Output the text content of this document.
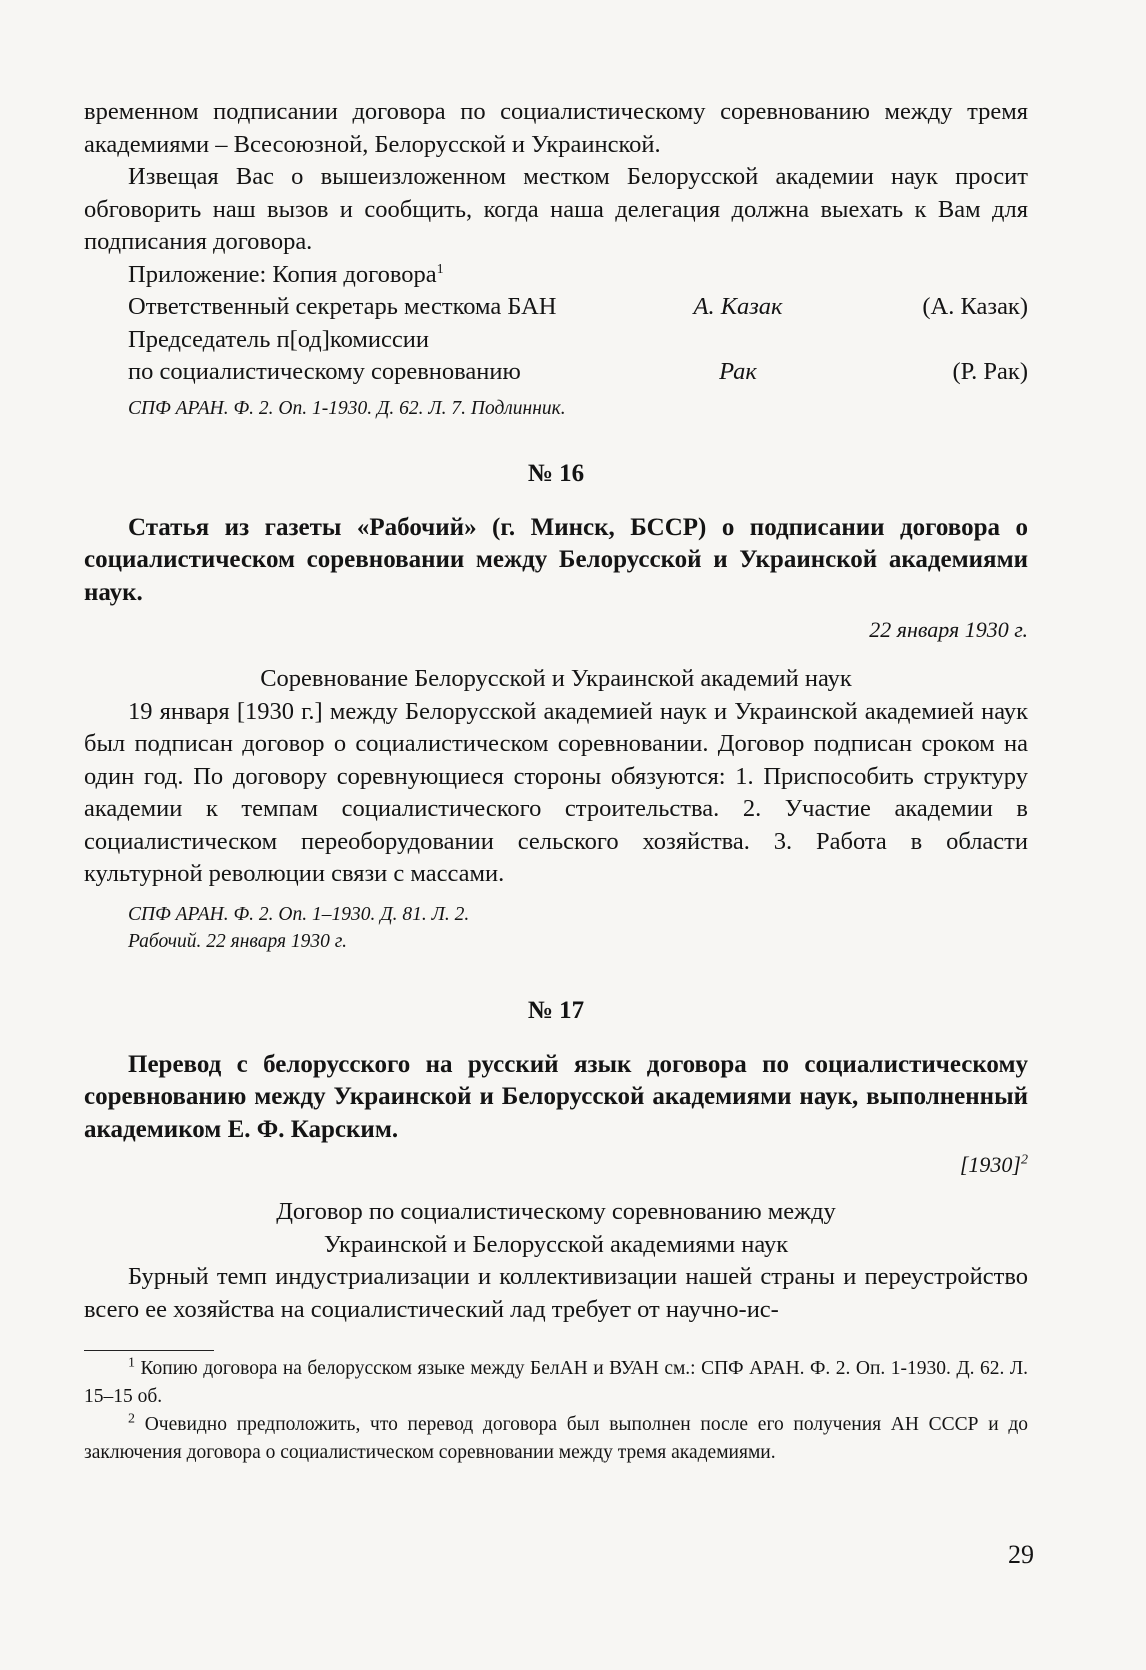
временном подписании договора по социалистическому соревнованию между тремя академиями – Всесоюзной, Белорусской и Украинской.

Извещая Вас о вышеизложенном местком Белорусской академии наук просит обговорить наш вызов и сообщить, когда наша делегация должна выехать к Вам для подписания договора.

Приложение: Копия договора$^1$

Ответственный секретарь месткома БАН	А. Казак	(А. Казак)

Председатель п[од]комиссии

по социалистическому соревнованию	Рак	(Р. Рак)

СПФ АРАН. Ф. 2. Оп. 1-1930. Д. 62. Л. 7. Подлинник.

№ 16

Статья из газеты «Рабочий» (г. Минск, БССР) о подписании договора о социалистическом соревновании между Белорусской и Украинской академиями наук.

22 января 1930 г.

Соревнование Белорусской и Украинской академий наук

19 января [1930 г.] между Белорусской академией наук и Украинской академией наук был подписан договор о социалистическом соревновании. Договор подписан сроком на один год. По договору соревнующиеся стороны обязуются: 1. Приспособить структуру академии к темпам социалистического строительства. 2. Участие академии в социалистическом переоборудовании сельского хозяйства. 3. Работа в области культурной революции связи с массами.

СПФ АРАН. Ф. 2. Оп. 1–1930. Д. 81. Л. 2.

Рабочий. 22 января 1930 г.

№ 17

Перевод с белорусского на русский язык договора по социалистическому соревнованию между Украинской и Белорусской академиями наук, выполненный академиком Е. Ф. Карским.

$[1930]^2$

Договор по социалистическому соревнованию между

Украинской и Белорусской академиями наук

Бурный темп индустриализации и коллективизации нашей страны и переустройство всего ее хозяйства на социалистический лад требует от научно-ис-

$^1$ Копию договора на белорусском языке между БелАН и ВУАН см.: СПФ АРАН. Ф. 2. Оп. 1-1930. Д. 62. Л. 15–15 об.

$^2$ Очевидно предположить, что перевод договора был выполнен после его получения АН СССР и до заключения договора о социалистическом соревновании между тремя академиями.

29
